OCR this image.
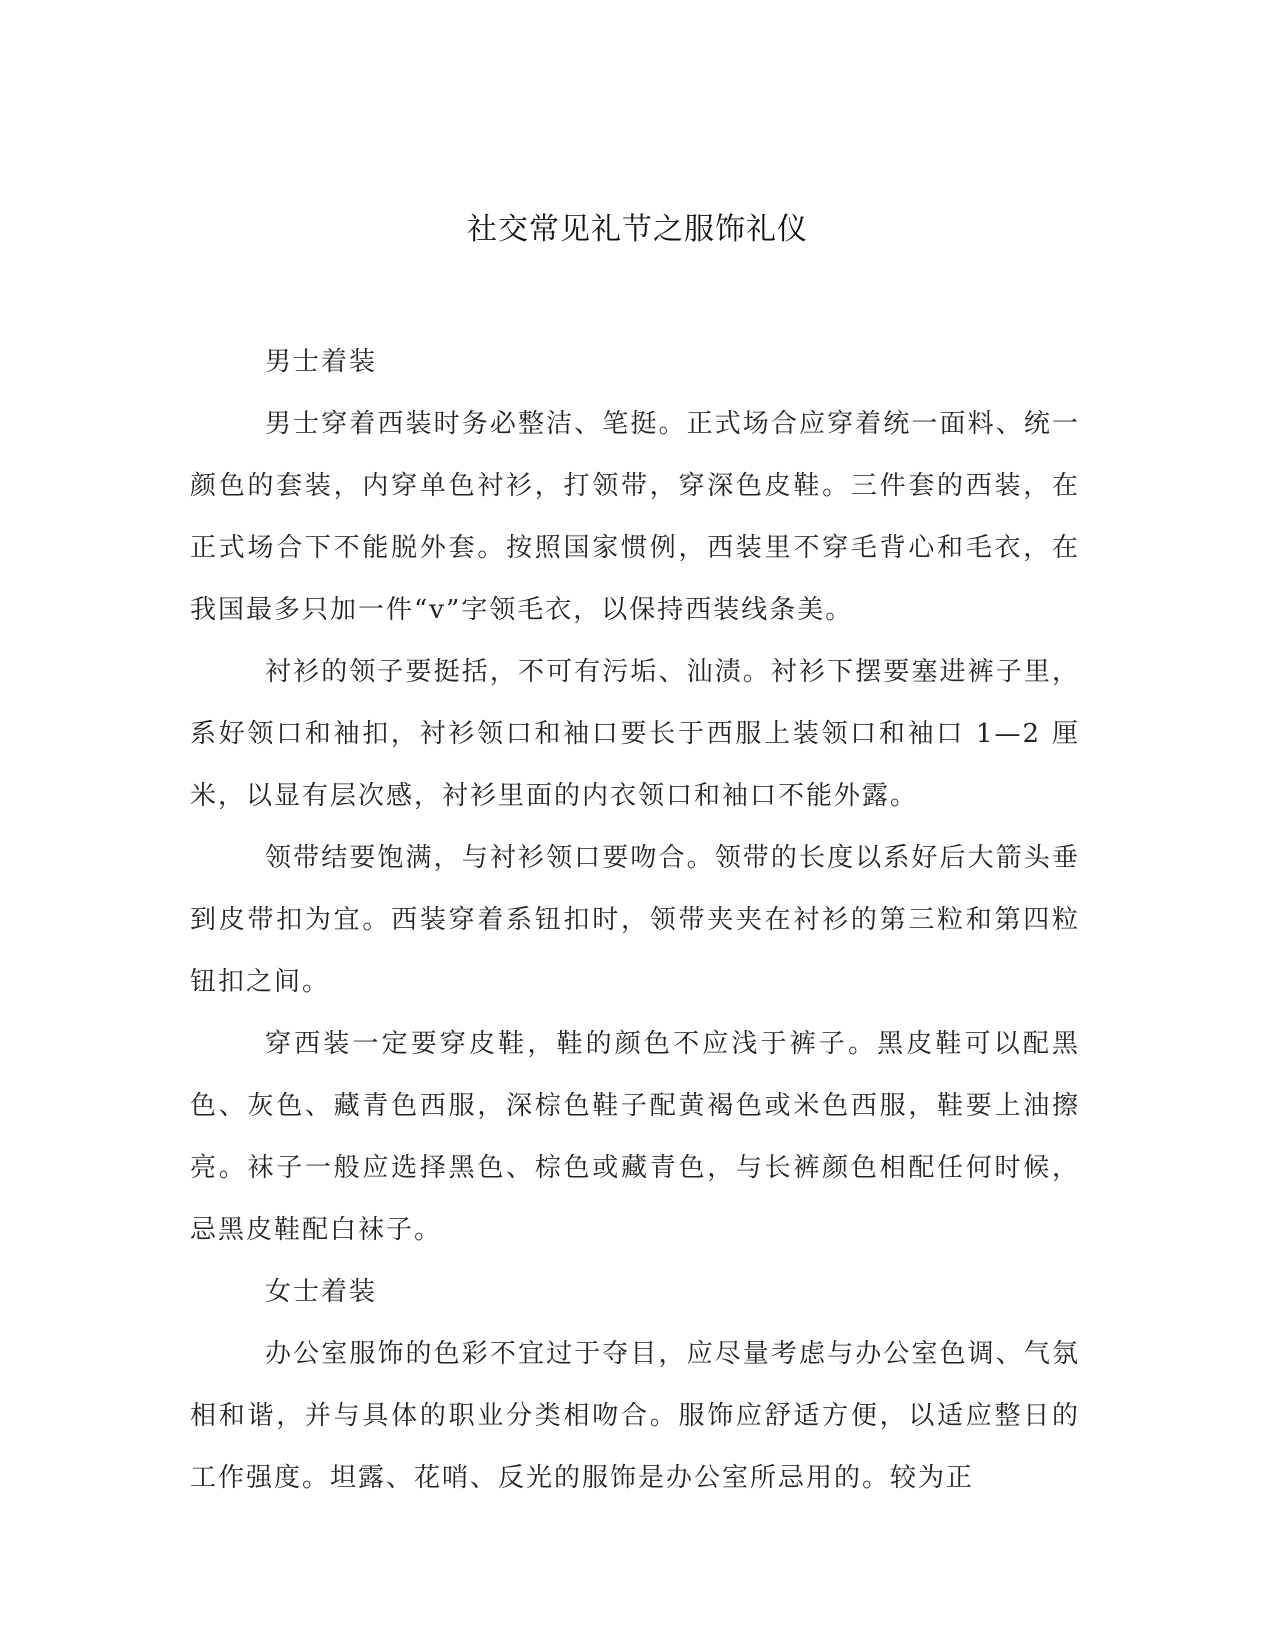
社交常见礼节之服饰礼仪
男士着装

男士穿着西装时务必整洁、笔挺。正式场合应穿着统一面料、统一颜色的套装，内穿单色衬衫，打领带，穿深色皮鞋。三件套的西装，在正式场合下不能脱外套。按照国家惯例，西装里不穿毛背心和毛衣，在我国最多只加一件“v”字领毛衣，以保持西装线条美。

衬衫的领子要挺括，不可有污垢、汕渍。衬衫下摆要塞进裤子里，系好领口和袖扣，衬衫领口和袖口要长于西服上装领口和袖口 1—2 厘米，以显有层次感，衬衫里面的内衣领口和袖口不能外露。

领带结要饱满，与衬衫领口要吻合。领带的长度以系好后大箭头垂到皮带扣为宜。西装穿着系钮扣时，领带夹夹在衬衫的第三粒和第四粒钮扣之间。

穿西装一定要穿皮鞋，鞋的颜色不应浅于裤子。黑皮鞋可以配黑色、灰色、藏青色西服，深棕色鞋子配黄褐色或米色西服，鞋要上油擦亮。袜子一般应选择黑色、棕色或藏青色，与长裤颜色相配任何时候，忌黑皮鞋配白袜子。

女士着装

办公室服饰的色彩不宜过于夺目，应尽量考虑与办公室色调、气氛相和谐，并与具体的职业分类相吻合。服饰应舒适方便，以适应整日的工作强度。坦露、花哨、反光的服饰是办公室所忌用的。较为正
